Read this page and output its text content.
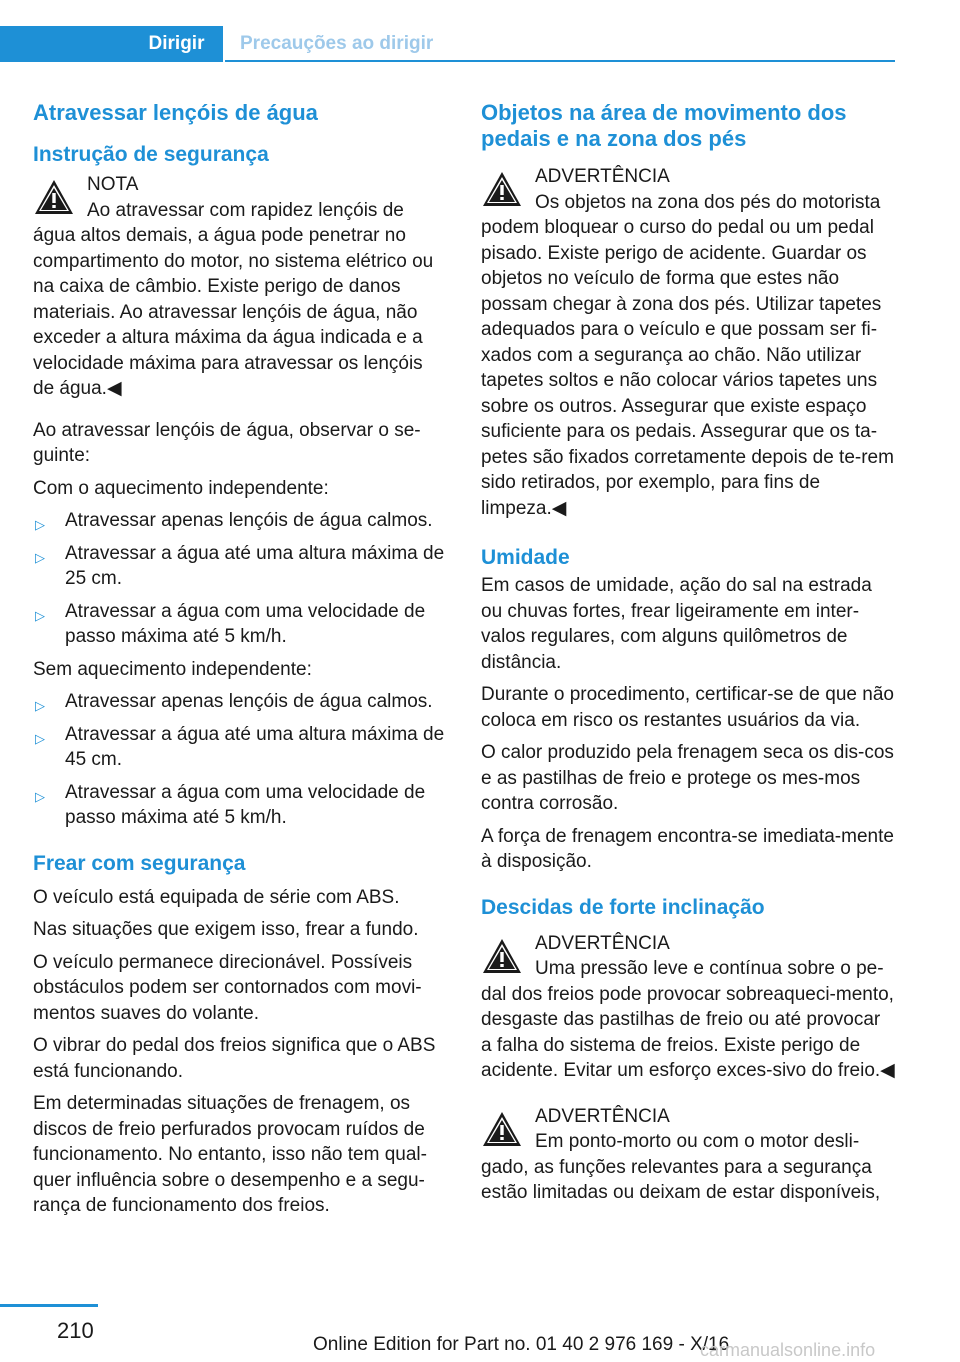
Dirigir	Precauções ao dirigir
Atravessar lençóis de água
Instrução de segurança
NOTA
Ao atravessar com rapidez lençóis de água altos demais, a água pode penetrar no compartimento do motor, no sistema elétrico ou na caixa de câmbio. Existe perigo de danos materiais. Ao atravessar lençóis de água, não exceder a altura máxima da água indicada e a velocidade máxima para atravessar os lençóis de água.◀

Ao atravessar lençóis de água, observar o se-guinte:

Com o aquecimento independente:

▷ Atravessar apenas lençóis de água calmos.
▷ Atravessar a água até uma altura máxima de 25 cm.
▷ Atravessar a água com uma velocidade de passo máxima até 5 km/h.

Sem aquecimento independente:

▷ Atravessar apenas lençóis de água calmos.
▷ Atravessar a água até uma altura máxima de 45 cm.
▷ Atravessar a água com uma velocidade de passo máxima até 5 km/h.
Frear com segurança

O veículo está equipada de série com ABS.

Nas situações que exigem isso, frear a fundo.

O veículo permanece direcionável. Possíveis obstáculos podem ser contornados com movi-mentos suaves do volante.

O vibrar do pedal dos freios significa que o ABS está funcionando.

Em determinadas situações de frenagem, os discos de freio perfurados provocam ruídos de funcionamento. No entanto, isso não tem qual-quer influência sobre o desempenho e a segu-rança de funcionamento dos freios.

Objetos na área de movimento dos pedais e na zona dos pés
ADVERTÊNCIA
Os objetos na zona dos pés do motorista podem bloquear o curso do pedal ou um pedal pisado. Existe perigo de acidente. Guardar os objetos no veículo de forma que estes não possam chegar à zona dos pés. Utilizar tapetes adequados para o veículo e que possam ser fi-xados com a segurança ao chão. Não utilizar tapetes soltos e não colocar vários tapetes uns sobre os outros. Assegurar que existe espaço suficiente para os pedais. Assegurar que os ta-petes são fixados corretamente depois de te-rem sido retirados, por exemplo, para fins de limpeza.◀
Umidade

Em casos de umidade, ação do sal na estrada ou chuvas fortes, frear ligeiramente em inter-valos regulares, com alguns quilômetros de distância.

Durante o procedimento, certificar-se de que não coloca em risco os restantes usuários da via.

O calor produzido pela frenagem seca os dis-cos e as pastilhas de freio e protege os mes-mos contra corrosão.

A força de frenagem encontra-se imediata-mente à disposição.

Descidas de forte inclinação
ADVERTÊNCIA
Uma pressão leve e contínua sobre o pe-dal dos freios pode provocar sobreaqueci-mento, desgaste das pastilhas de freio ou até provocar a falha do sistema de freios. Existe perigo de acidente. Evitar um esforço exces-sivo do freio.◀
ADVERTÊNCIA
Em ponto-morto ou com o motor desli-gado, as funções relevantes para a segurança estão limitadas ou deixam de estar disponíveis,
210
Online Edition for Part no. 01 40 2 976 169 - X/16
carmanualsonline.info
